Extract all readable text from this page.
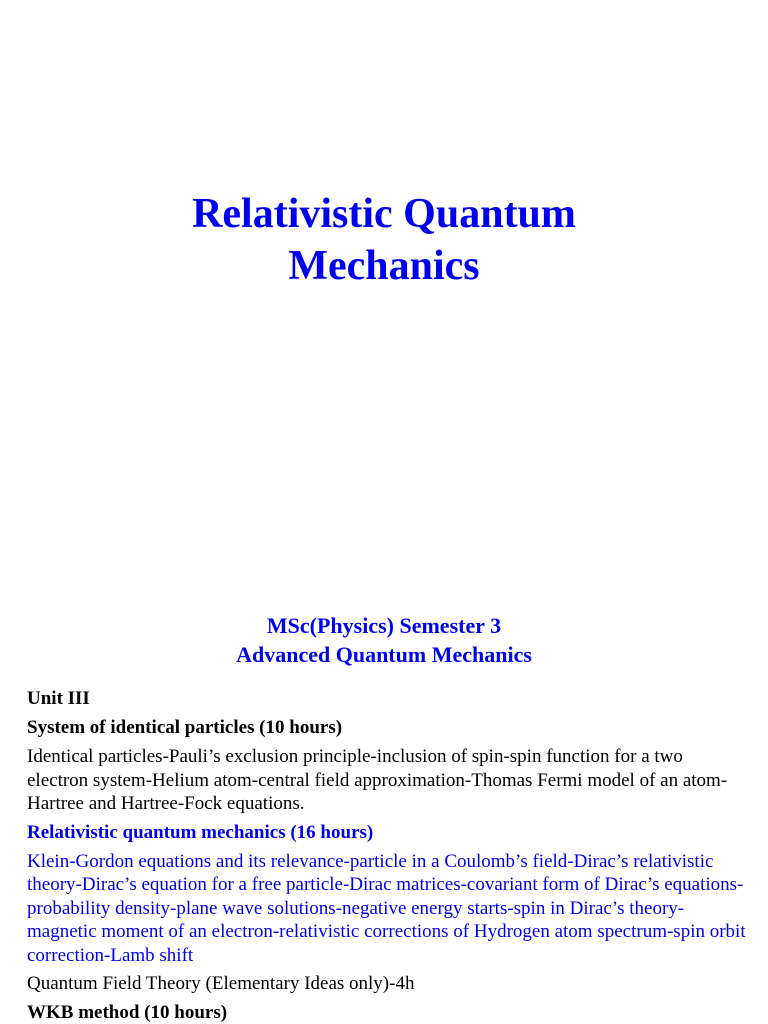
Relativistic Quantum
Mechanics
MSc(Physics) Semester 3
Advanced Quantum Mechanics

Unit III

System of identical particles (10 hours)

Identical particles-Pauli’s exclusion principle-inclusion of spin-spin function for a two electron system-Helium atom-central field approximation-Thomas Fermi model of an atom-Hartree and Hartree-Fock equations.

Relativistic quantum mechanics (16 hours)

Klein-Gordon equations and its relevance-particle in a Coulomb’s field-Dirac’s relativistic theory-Dirac’s equation for a free particle-Dirac matrices-covariant form of Dirac’s equations-probability density-plane wave solutions-negative energy starts-spin in Dirac’s theory-magnetic moment of an electron-relativistic corrections of Hydrogen atom spectrum-spin orbit correction-Lamb shift

Quantum Field Theory (Elementary Ideas only)-4h

WKB method (10 hours)
